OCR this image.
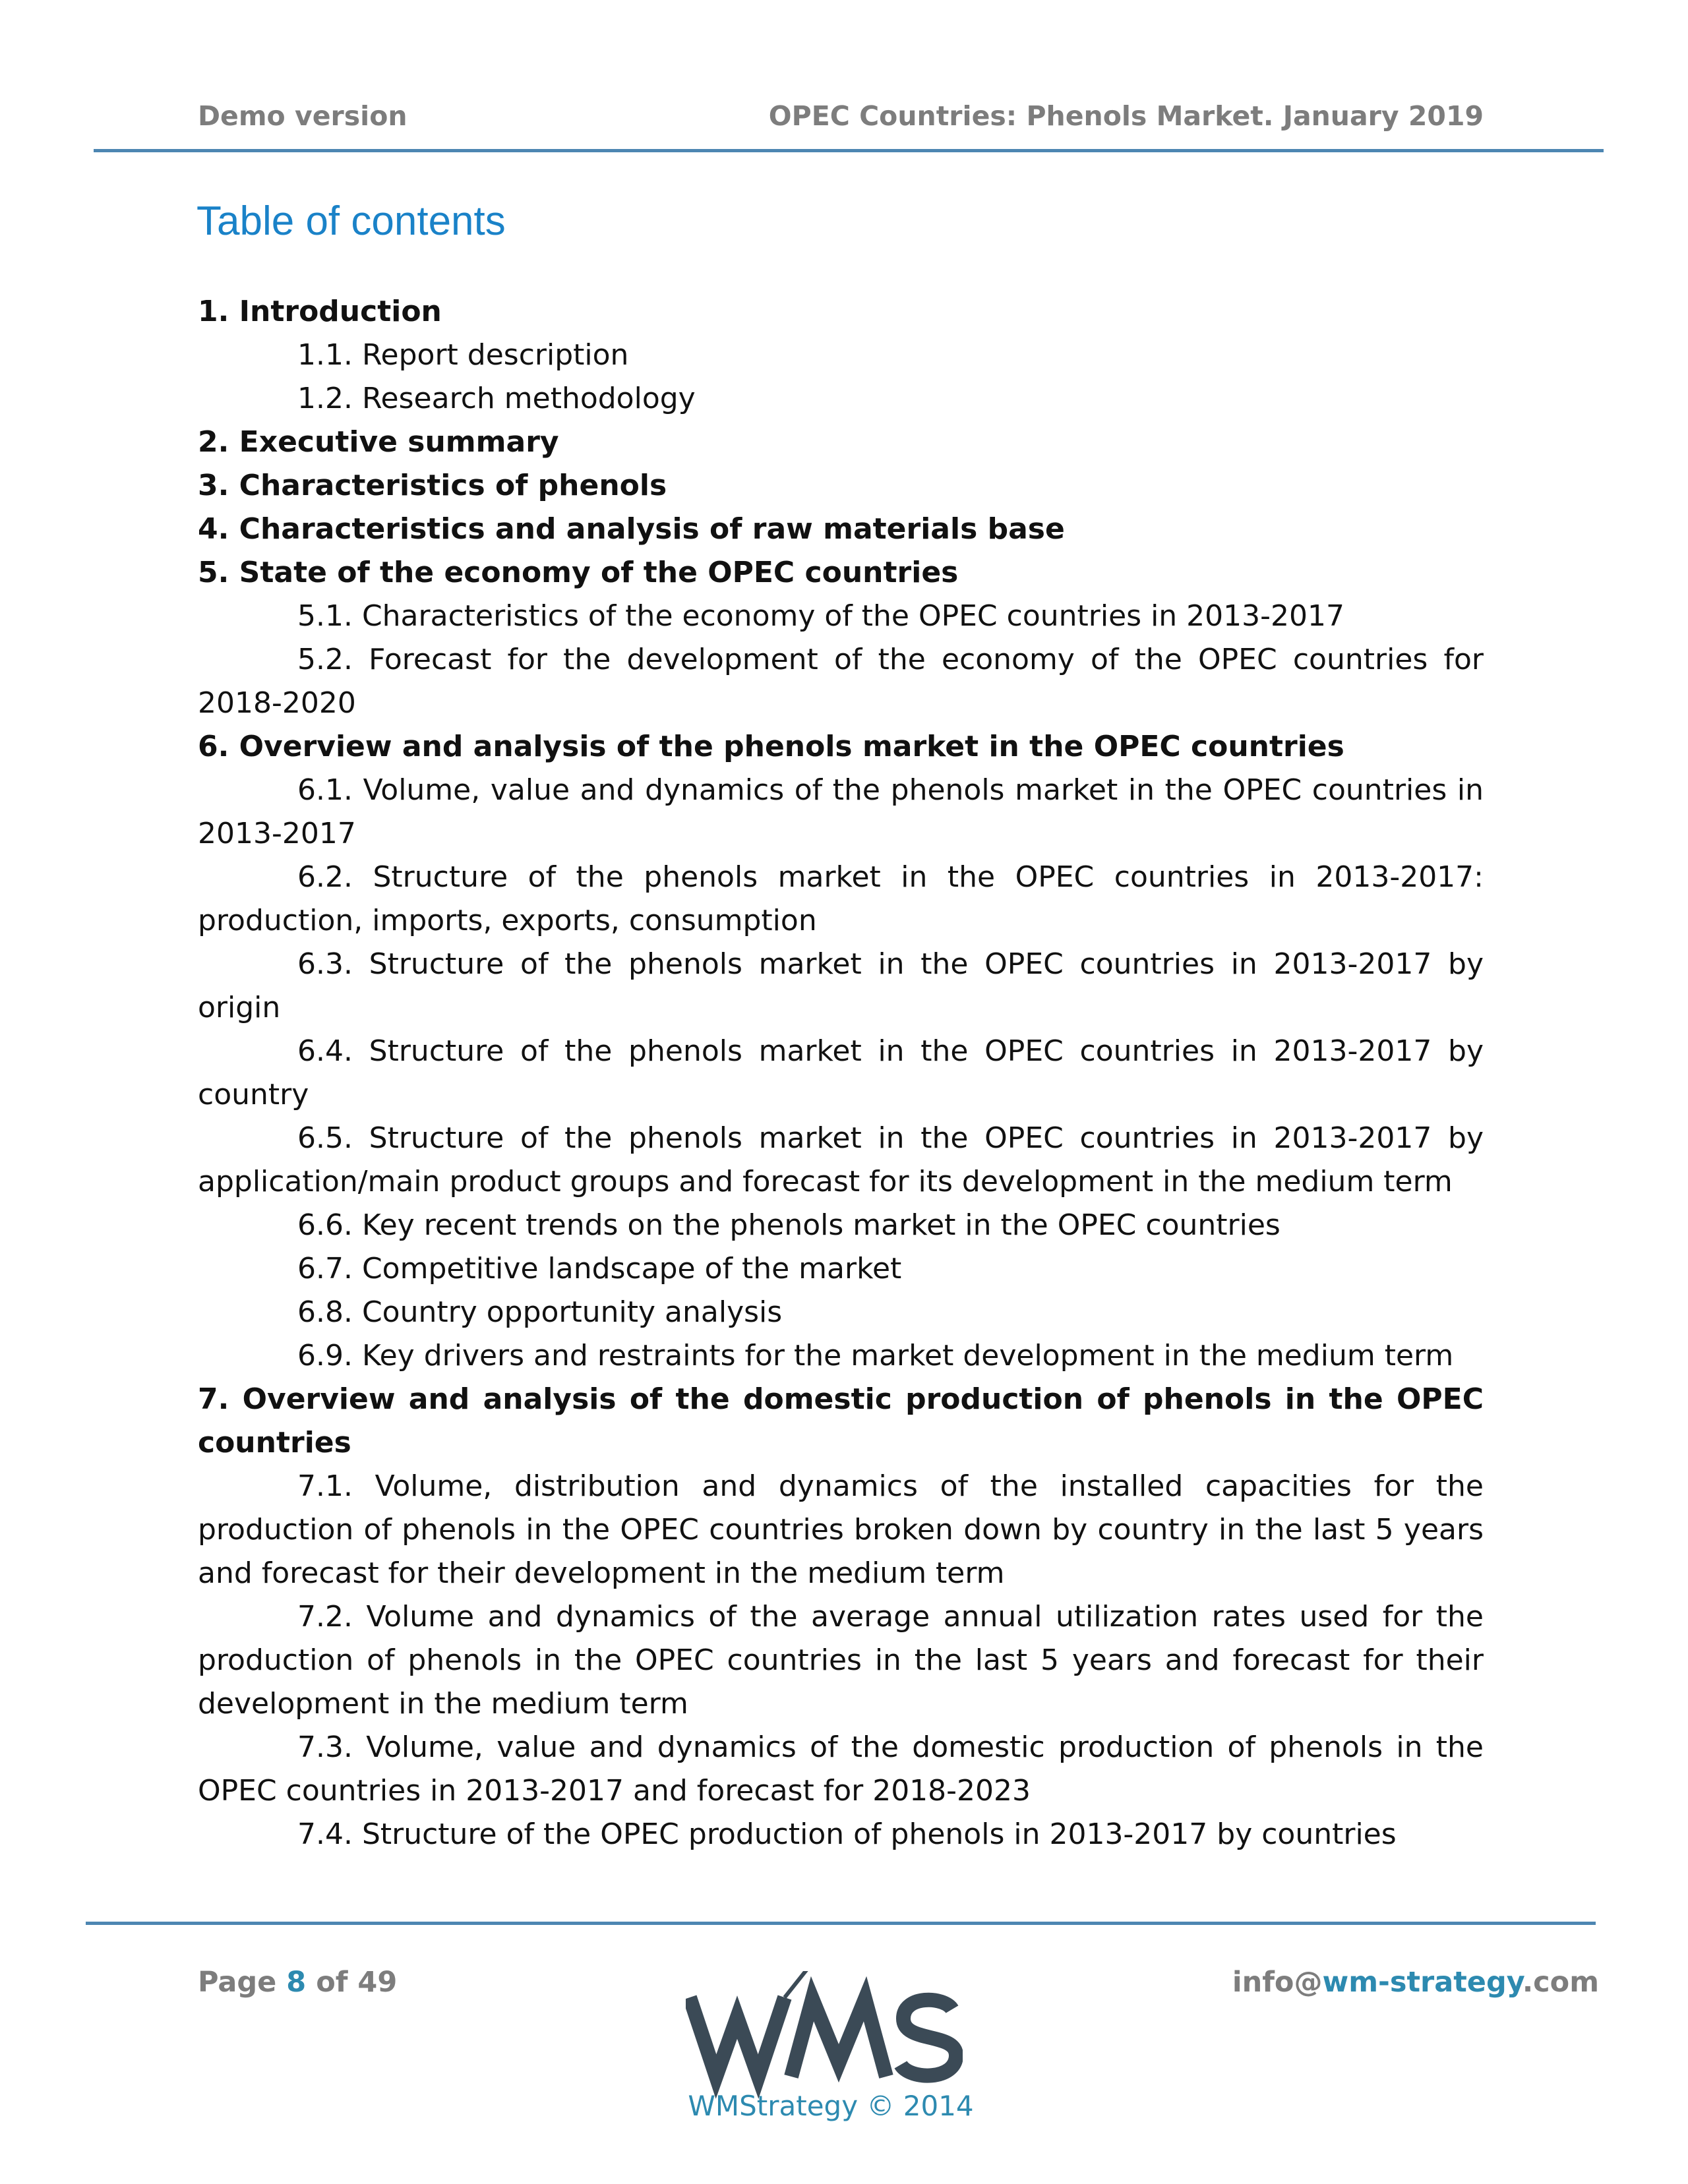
Demo version	OPEC Countries: Phenols Market. January 2019
Table of contents

1. Introduction

1.1. Report description

1.2. Research methodology

2. Executive summary

3. Characteristics of phenols

4. Characteristics and analysis of raw materials base

5. State of the economy of the OPEC countries

5.1. Characteristics of the economy of the OPEC countries in 2013-2017

5.2. Forecast for the development of the economy of the OPEC countries for 2018-2020

6. Overview and analysis of the phenols market in the OPEC countries

6.1. Volume, value and dynamics of the phenols market in the OPEC countries in 2013-2017

6.2. Structure of the phenols market in the OPEC countries in 2013-2017: production, imports, exports, consumption

6.3. Structure of the phenols market in the OPEC countries in 2013-2017 by origin

6.4. Structure of the phenols market in the OPEC countries in 2013-2017 by country

6.5. Structure of the phenols market in the OPEC countries in 2013-2017 by application/main product groups and forecast for its development in the medium term

6.6. Key recent trends on the phenols market in the OPEC countries

6.7. Competitive landscape of the market

6.8. Country opportunity analysis

6.9. Key drivers and restraints for the market development in the medium term

7. Overview and analysis of the domestic production of phenols in the OPEC countries

7.1. Volume, distribution and dynamics of the installed capacities for the production of phenols in the OPEC countries broken down by country in the last 5 years and forecast for their development in the medium term

7.2. Volume and dynamics of the average annual utilization rates used for the production of phenols in the OPEC countries in the last 5 years and forecast for their development in the medium term

7.3. Volume, value and dynamics of the domestic production of phenols in the OPEC countries in 2013-2017 and forecast for 2018-2023

7.4. Structure of the OPEC production of phenols in 2013-2017 by countries

Page 8 of 49	info@wm-strategy.com
WMStrategy © 2014
